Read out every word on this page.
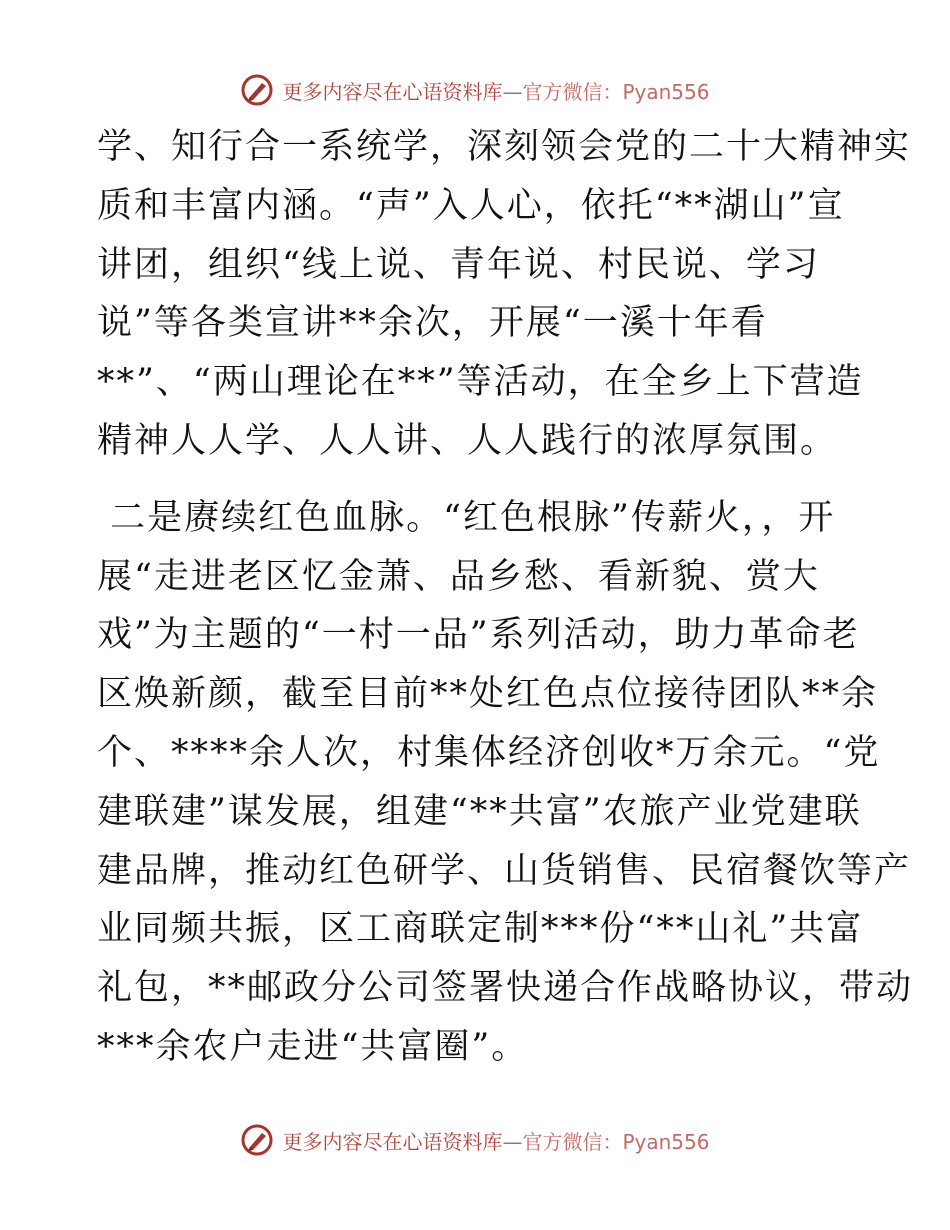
更多内容尽在心语资料库—官方微信：Pyan556
学、知行合一系统学，深刻领会党的二十大精神实
质和丰富内涵。“声”入人心，依托“**湖山”宣
讲团，组织“线上说、青年说、村民说、学习
说”等各类宣讲**余次，开展“一溪十年看
**”、“两山理论在**”等活动，在全乡上下营造
精神人人学、人人讲、人人践行的浓厚氛围。
二是赓续红色血脉。“红色根脉”传薪火，，开
展“走进老区忆金萧、品乡愁、看新貌、赏大
戏”为主题的“一村一品”系列活动，助力革命老
区焕新颜，截至目前**处红色点位接待团队**余
个、****余人次，村集体经济创收*万余元。“党
建联建”谋发展，组建“**共富”农旅产业党建联
建品牌，推动红色研学、山货销售、民宿餐饮等产
业同频共振，区工商联定制***份“**山礼”共富
礼包，**邮政分公司签署快递合作战略协议，带动
***余农户走进“共富圈”。
更多内容尽在心语资料库—官方微信：Pyan556
